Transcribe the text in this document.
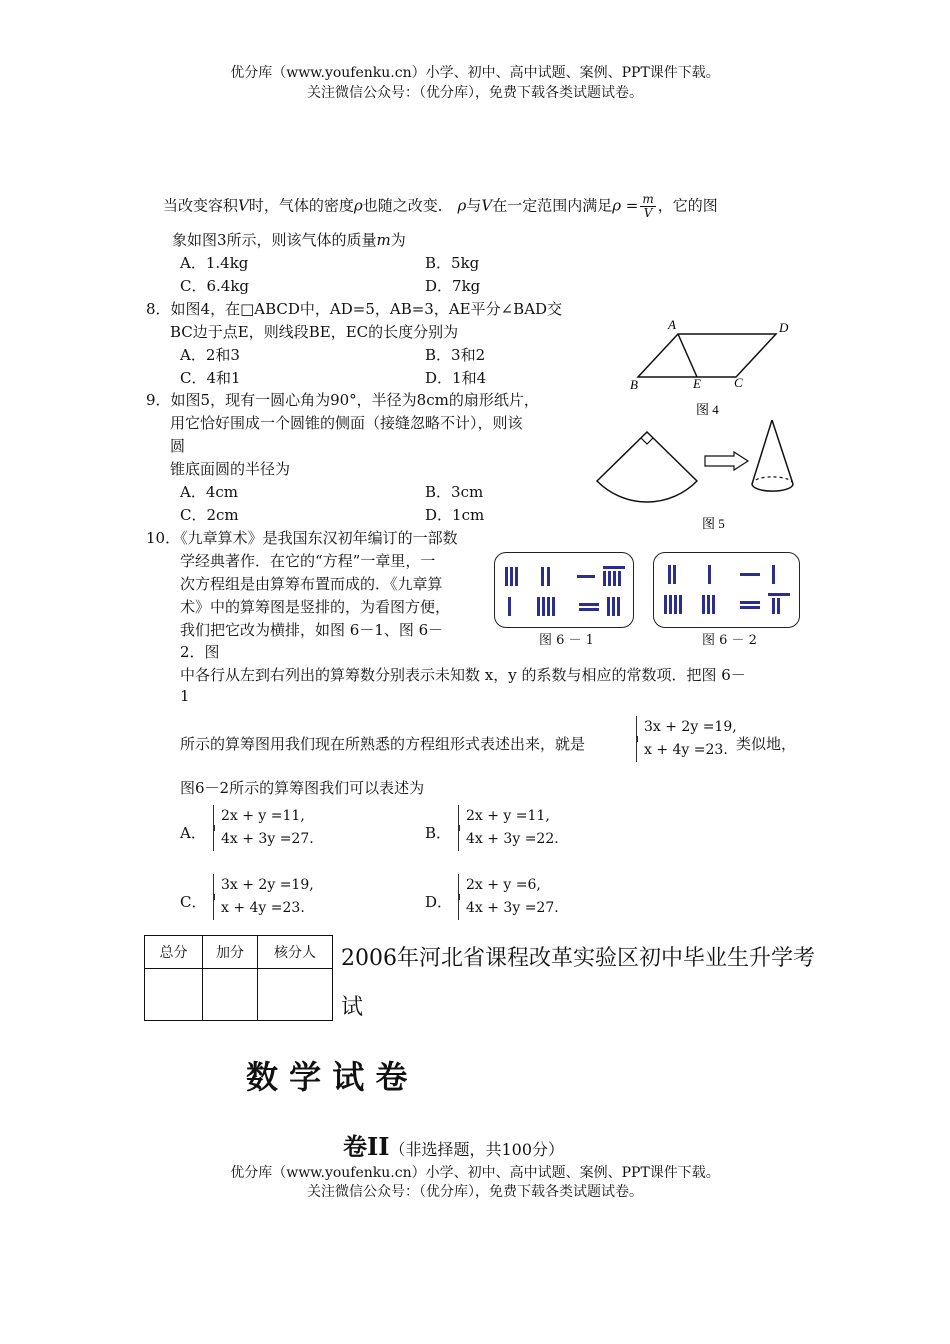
优分库（www.youfenku.cn）小学、初中、高中试题、案例、PPT课件下载。
关注微信公众号：（优分库），免费下载各类试题试卷。
当改变容积V时，气体的密度ρ也随之改变． ρ与V在一定范围内满足$\rho = \frac{m}{V}$ ，它的图
象如图3所示，则该气体的质量m为
A．1.4kg	B．5kg
C．6.4kg	D．7kg
8．如图4，在□ABCD中，AD=5，AB=3，AE平分∠BAD交
BC边于点E，则线段BE，EC的长度分别为
A．2和3	B．3和2
C．4和1	D．1和4
A	D
B	E	C
图 4
9．如图5，现有一圆心角为90°，半径为8cm的扇形纸片，
用它恰好围成一个圆锥的侧面（接缝忽略不计），则该
圆
锥底面圆的半径为
A．4cm	B．3cm
C．2cm	D．1cm	图 5
10．《九章算术》是我国东汉初年编订的一部数
学经典著作．在它的“方程”一章里，一
次方程组是由算筹布置而成的．《九章算
术》中的算筹图是竖排的，为看图方便，
我们把它改为横排，如图 6－1、图 6－
2．图
中各行从左到右列出的算筹数分别表示未知数 x，y 的系数与相应的常数项．把图 6－
1
所示的算筹图用我们现在所熟悉的方程组形式表述出来，就是
3x + 2y =19,
x + 4y =23. 类似地，
图6－2所示的算筹图我们可以表述为
图 6 － 1	图 6 － 2
A．
2x + y =11,
4x + 3y =27.	B．
2x + y =11,
4x + 3y =22.
C．
3x + 2y =19,
x + 4y =23.	D．
2x + y =6,
4x + 3y =27.
总分	加分	核分人
		2006年河北省课程改革实验区初中毕业生升学考
试
数 学 试 卷
卷II（非选择题，共100分）
优分库（www.youfenku.cn）小学、初中、高中试题、案例、PPT课件下载。
关注微信公众号：（优分库），免费下载各类试题试卷。
